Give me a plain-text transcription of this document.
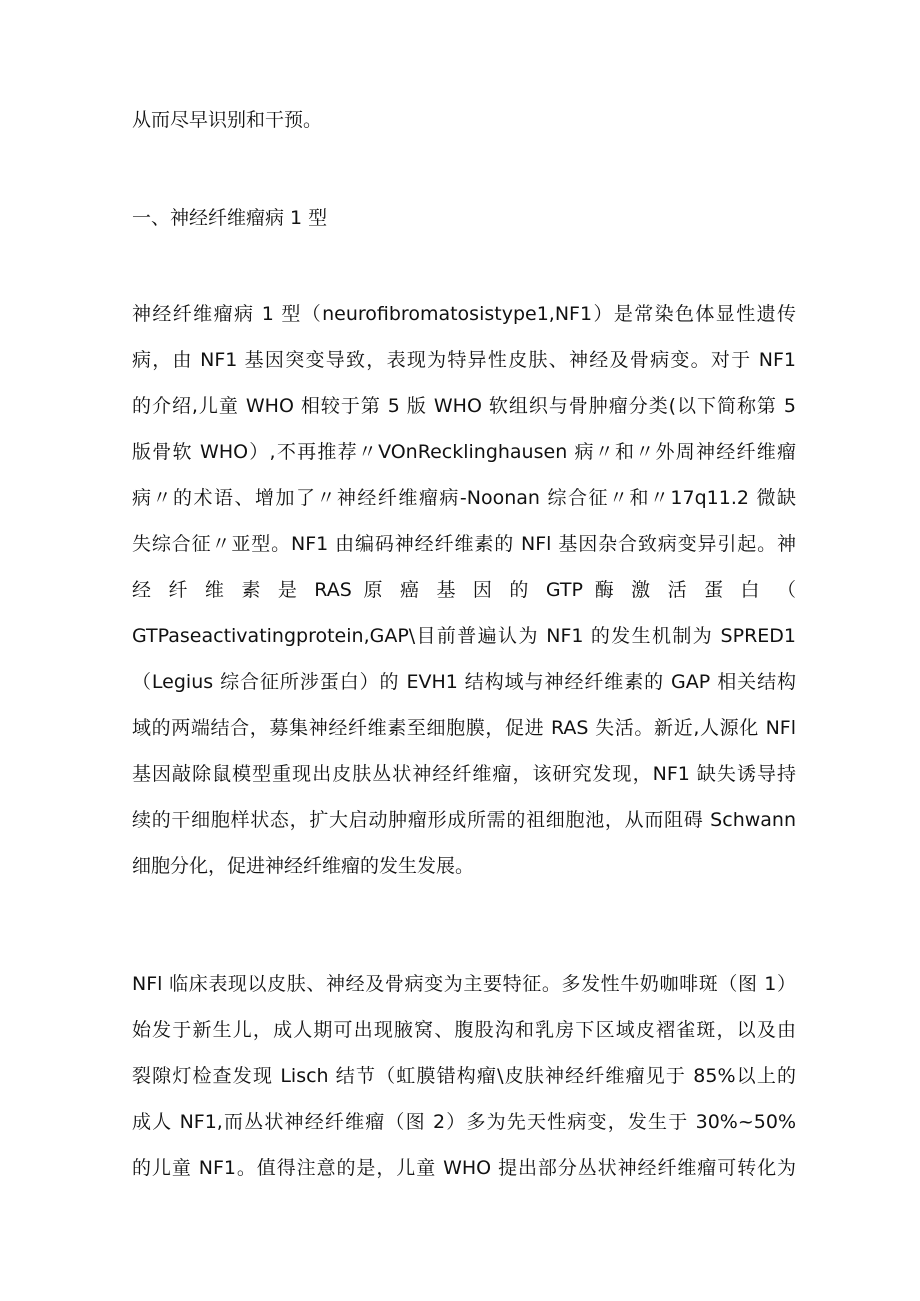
从而尽早识别和干预。
一、神经纤维瘤病 1 型
神经纤维瘤病 1 型（neurofibromatosistype1,NF1）是常染色体显性遗传
病，由 NF1 基因突变导致，表现为特异性皮肤、神经及骨病变。对于 NF1
的介绍,儿童 WHO 相较于第 5 版 WHO 软组织与骨肿瘤分类(以下简称第 5
版骨软 WHO）,不再推荐〃VOnRecklinghausen 病〃和〃外周神经纤维瘤
病〃的术语、增加了〃神经纤维瘤病-Noonan 综合征〃和〃17q11.2 微缺
失综合征〃亚型。NF1 由编码神经纤维素的 NFl 基因杂合致病变异引起。神
经 纤 维 素 是 RAS 原 癌 基 因 的 GTP 酶 激 活 蛋 白 （
GTPaseactivatingprotein,GAP\目前普遍认为 NF1 的发生机制为 SPRED1
（Legius 综合征所涉蛋白）的 EVH1 结构域与神经纤维素的 GAP 相关结构
域的两端结合，募集神经纤维素至细胞膜，促进 RAS 失活。新近,人源化 NFl
基因敲除鼠模型重现出皮肤丛状神经纤维瘤，该研究发现，NF1 缺失诱导持
续的干细胞样状态，扩大启动肿瘤形成所需的祖细胞池，从而阻碍 Schwann
细胞分化，促进神经纤维瘤的发生发展。
NFl 临床表现以皮肤、神经及骨病变为主要特征。多发性牛奶咖啡斑（图 1）
始发于新生儿，成人期可出现腋窝、腹股沟和乳房下区域皮褶雀斑，以及由
裂隙灯检查发现 Lisch 结节（虹膜错构瘤\皮肤神经纤维瘤见于 85%以上的
成人 NF1,而丛状神经纤维瘤（图 2）多为先天性病变，发生于 30%~50%
的儿童 NF1。值得注意的是，儿童 WHO 提出部分丛状神经纤维瘤可转化为
